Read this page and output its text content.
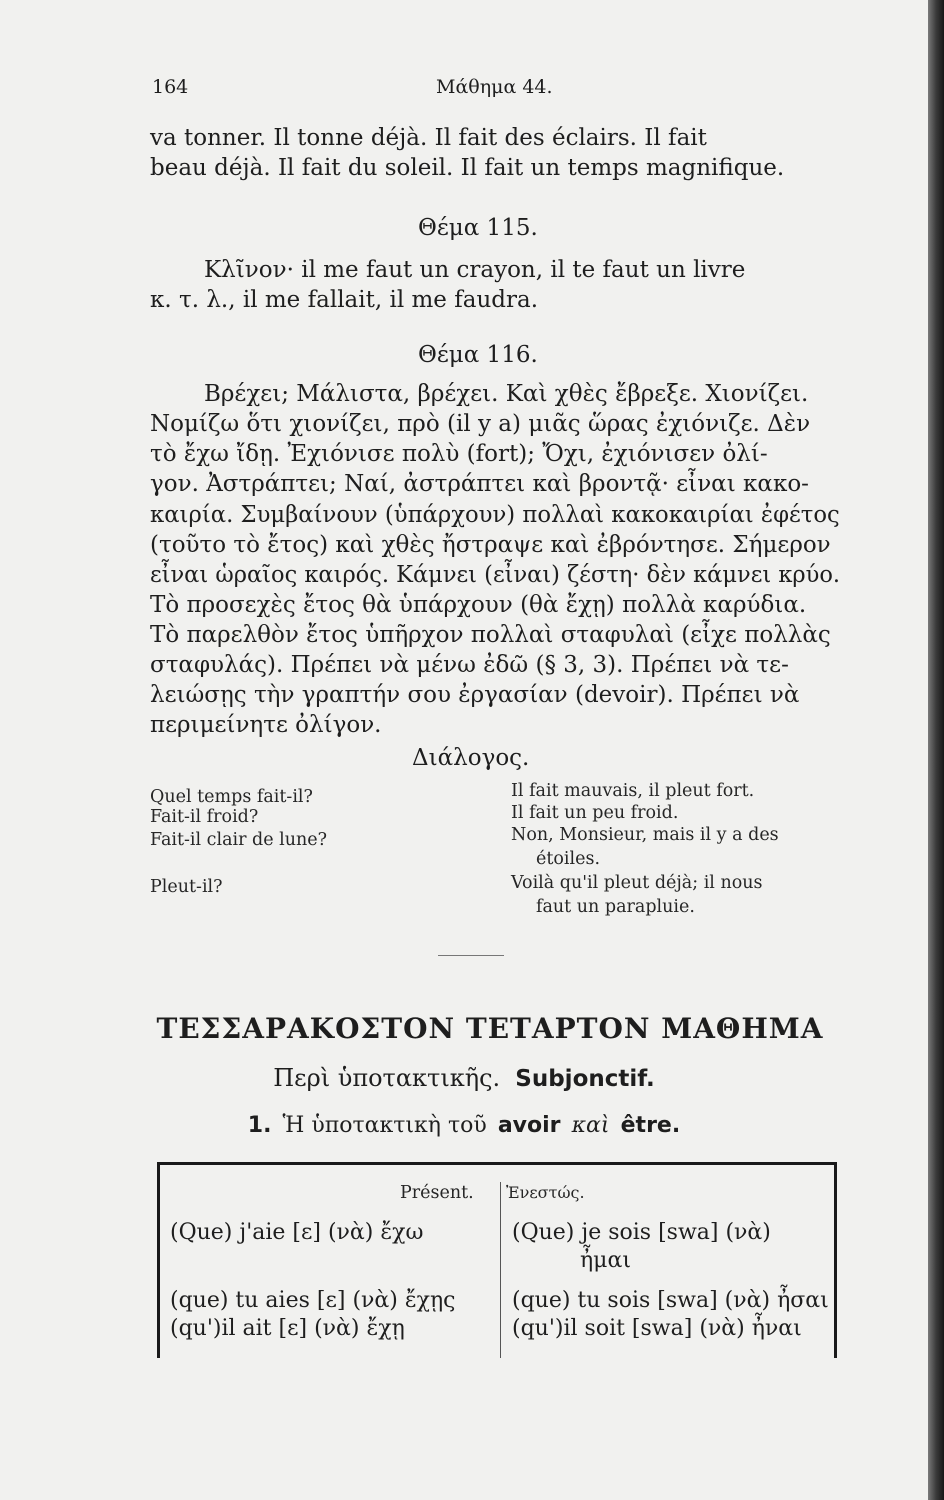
164	Μάθημα 44.
va tonner. Il tonne déjà. Il fait des éclairs. Il fait
beau déjà. Il fait du soleil. Il fait un temps magnifique.
Θέμα 115.
Κλῖνον· il me faut un crayon, il te faut un livre
κ. τ. λ., il me fallait, il me faudra.
Θέμα 116.
Βρέχει; Μάλιστα, βρέχει. Καὶ χθὲς ἔβρεξε. Χιονίζει.
Νομίζω ὅτι χιονίζει, πρὸ (il y a) μιᾶς ὥρας ἐχιόνιζε. Δὲν
τὸ ἔχω ἴδῃ. Ἐχιόνισε πολὺ (fort); Ὄχι, ἐχιόνισεν ὀλί-
γον. Ἀστράπτει; Ναί, ἀστράπτει καὶ βροντᾷ· εἶναι κακο-
καιρία. Συμβαίνουν (ὑπάρχουν) πολλαὶ κακοκαιρίαι ἐφέτος
(τοῦτο τὸ ἔτος) καὶ χθὲς ἤστραψε καὶ ἐβρόντησε. Σήμερον
εἶναι ὡραῖος καιρός. Κάμνει (εἶναι) ζέστη· δὲν κάμνει κρύο.
Τὸ προσεχὲς ἔτος θὰ ὑπάρχουν (θὰ ἔχῃ) πολλὰ καρύδια.
Τὸ παρελθὸν ἔτος ὑπῆρχον πολλαὶ σταφυλαὶ (εἶχε πολλὰς
σταφυλάς). Πρέπει νὰ μένω ἐδῶ (§ 3, 3). Πρέπει νὰ τε-
λειώσῃς τὴν γραπτήν σου ἐργασίαν (devoir). Πρέπει νὰ
περιμείνητε ὀλίγον.
Διάλογος.
Quel temps fait-il?
Fait-il froid?
Fait-il clair de lune?
Pleut-il?
Il fait mauvais, il pleut fort.
Il fait un peu froid.
Non, Monsieur, mais il y a des
étoiles.
Voilà qu'il pleut déjà; il nous
faut un parapluie.
ΤΕΣΣΑΡΑΚΟΣΤΟΝ ΤΕΤΑΡΤΟΝ ΜΑΘΗΜΑ
Περὶ ὑποτακτικῆς. Subjonctif.
1. Ἡ ὑποτακτικὴ τοῦ avoir καὶ être.
Présent. Ἐνεστώς.
(Que) j'aie [ε] (νὰ) ἔχω
(que) tu aies [ε] (νὰ) ἔχῃς
(qu')il ait [ε] (νὰ) ἔχῃ
(Que) je sois [swa] (νὰ)
ἦμαι
(que) tu sois [swa] (νὰ) ἦσαι
(qu')il soit [swa] (νὰ) ἦναι
